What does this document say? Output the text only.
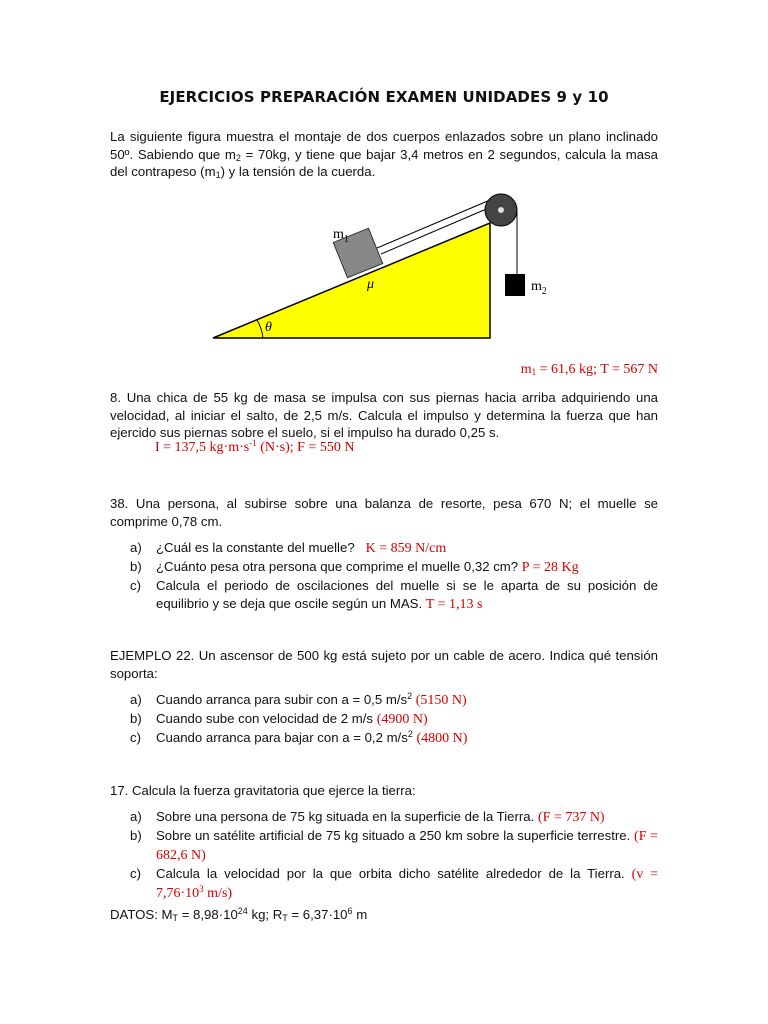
EJERCICIOS PREPARACIÓN EXAMEN UNIDADES 9 y 10

La siguiente figura muestra el montaje de dos cuerpos enlazados sobre un plano inclinado 50º. Sabiendo que $m_2 = 70kg$, y tiene que bajar 3,4 metros en 2 segundos, calcula la masa del contrapeso $(m_1)$ y la tensión de la cuerda.

$m_1$
$m_2$
μ
θ
$m_1 = 61,6$ kg; T = 567 N

8. Una chica de 55 kg de masa se impulsa con sus piernas hacia arriba adquiriendo una velocidad, al iniciar el salto, de 2,5 m/s. Calcula el impulso y determina la fuerza que han ejercido sus piernas sobre el suelo, si el impulso ha durado 0,25 s.

I = 137,5 $kg\cdot m\cdot s^{-1}$ (N·s); F = 550 N

38. Una persona, al subirse sobre una balanza de resorte, pesa 670 N; el muelle se comprime 0,78 cm.

a) ¿Cuál es la constante del muelle? K = 859 N/cm
b) ¿Cuánto pesa otra persona que comprime el muelle 0,32 cm? P = 28 Kg
c) Calcula el periodo de oscilaciones del muelle si se le aparta de su posición de equilibrio y se deja que oscile según un MAS. T = 1,13 s

EJEMPLO 22. Un ascensor de 500 kg está sujeto por un cable de acero. Indica qué tensión soporta:

a) Cuando arranca para subir con a = 0,5 $m/s^2$ (5150 N)
b) Cuando sube con velocidad de 2 m/s (4900 N)
c) Cuando arranca para bajar con a = 0,2 $m/s^2$ (4800 N)

17. Calcula la fuerza gravitatoria que ejerce la tierra:

a) Sobre una persona de 75 kg situada en la superficie de la Tierra. (F = 737 N)
b) Sobre un satélite artificial de 75 kg situado a 250 km sobre la superficie terrestre. (F = 682,6 N)
c) Calcula la velocidad por la que orbita dicho satélite alrededor de la Tierra. ($v = 7,76\cdot 10^3$ m/s)

DATOS: $M_T = 8,98\cdot 10^{24}$ kg; $R_T = 6,37\cdot 10^6$ m
